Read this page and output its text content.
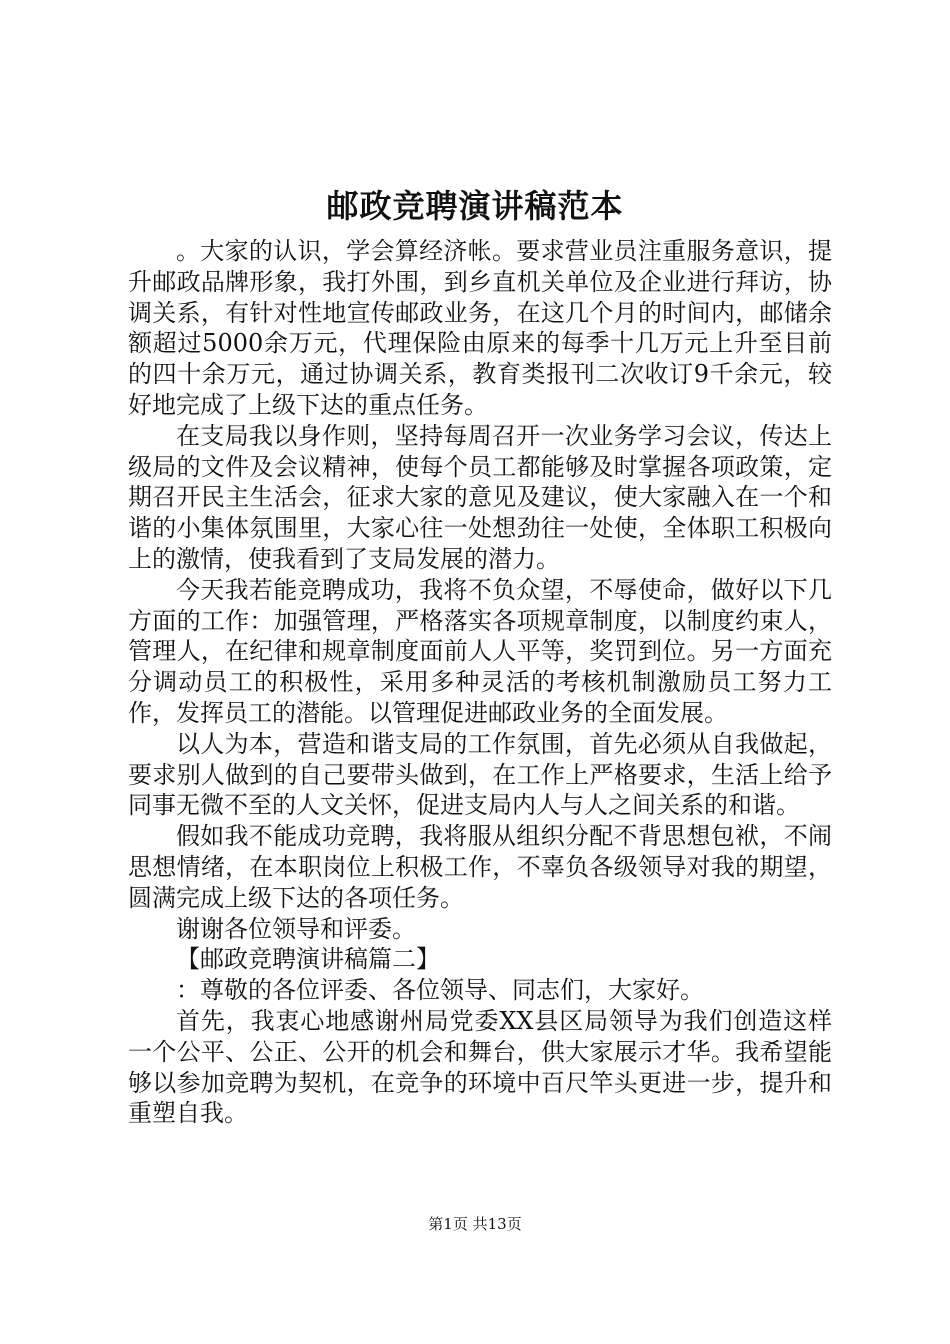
邮政竞聘演讲稿范本

。大家的认识，学会算经济帐。要求营业员注重服务意识，提升邮政品牌形象，我打外围，到乡直机关单位及企业进行拜访，协调关系，有针对性地宣传邮政业务，在这几个月的时间内，邮储余额超过5000余万元，代理保险由原来的每季十几万元上升至目前的四十余万元，通过协调关系，教育类报刊二次收订9千余元，较好地完成了上级下达的重点任务。

在支局我以身作则，坚持每周召开一次业务学习会议，传达上级局的文件及会议精神，使每个员工都能够及时掌握各项政策，定期召开民主生活会，征求大家的意见及建议，使大家融入在一个和谐的小集体氛围里，大家心往一处想劲往一处使，全体职工积极向上的激情，使我看到了支局发展的潜力。

今天我若能竞聘成功，我将不负众望，不辱使命，做好以下几方面的工作：加强管理，严格落实各项规章制度，以制度约束人，管理人，在纪律和规章制度面前人人平等，奖罚到位。另一方面充分调动员工的积极性，采用多种灵活的考核机制激励员工努力工作，发挥员工的潜能。以管理促进邮政业务的全面发展。

以人为本，营造和谐支局的工作氛围，首先必须从自我做起，要求别人做到的自己要带头做到，在工作上严格要求，生活上给予同事无微不至的人文关怀，促进支局内人与人之间关系的和谐。

假如我不能成功竞聘，我将服从组织分配不背思想包袱，不闹思想情绪，在本职岗位上积极工作，不辜负各级领导对我的期望，圆满完成上级下达的各项任务。

谢谢各位领导和评委。

【邮政竞聘演讲稿篇二】

：尊敬的各位评委、各位领导、同志们，大家好。

首先，我衷心地感谢州局党委XX县区局领导为我们创造这样一个公平、公正、公开的机会和舞台，供大家展示才华。我希望能够以参加竞聘为契机，在竞争的环境中百尺竿头更进一步，提升和重塑自我。

第1页 共13页
